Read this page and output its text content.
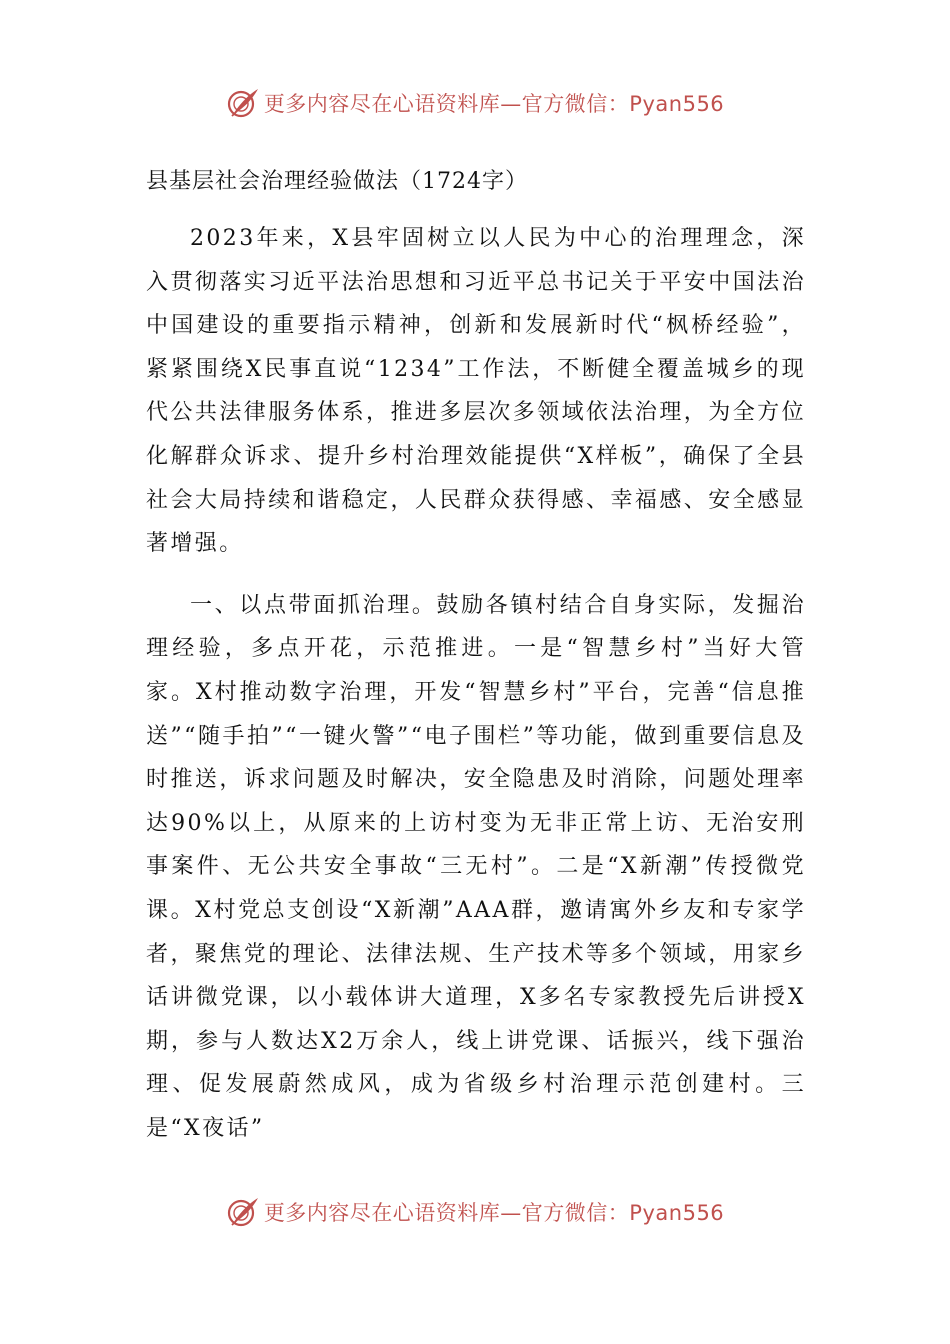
更多内容尽在心语资料库—官方微信：Pyan556
县基层社会治理经验做法（1724字）

2023年来，X县牢固树立以人民为中心的治理理念，深入贯彻落实习近平法治思想和习近平总书记关于平安中国法治中国建设的重要指示精神，创新和发展新时代“枫桥经验”，紧紧围绕X民事直说“1234”工作法，不断健全覆盖城乡的现代公共法律服务体系，推进多层次多领域依法治理，为全方位化解群众诉求、提升乡村治理效能提供“X样板”，确保了全县社会大局持续和谐稳定，人民群众获得感、幸福感、安全感显著增强。

一、以点带面抓治理。鼓励各镇村结合自身实际，发掘治理经验，多点开花，示范推进。一是“智慧乡村”当好大管家。X村推动数字治理，开发“智慧乡村”平台，完善“信息推送”“随手拍”“一键火警”“电子围栏”等功能，做到重要信息及时推送，诉求问题及时解决，安全隐患及时消除，问题处理率达90%以上，从原来的上访村变为无非正常上访、无治安刑事案件、无公共安全事故“三无村”。二是“X新潮”传授微党课。X村党总支创设“X新潮”AAA群，邀请寓外乡友和专家学者，聚焦党的理论、法律法规、生产技术等多个领域，用家乡话讲微党课，以小载体讲大道理，X多名专家教授先后讲授X期，参与人数达X2万余人，线上讲党课、话振兴，线下强治理、促发展蔚然成风，成为省级乡村治理示范创建村。三是“X夜话”

更多内容尽在心语资料库—官方微信：Pyan556
